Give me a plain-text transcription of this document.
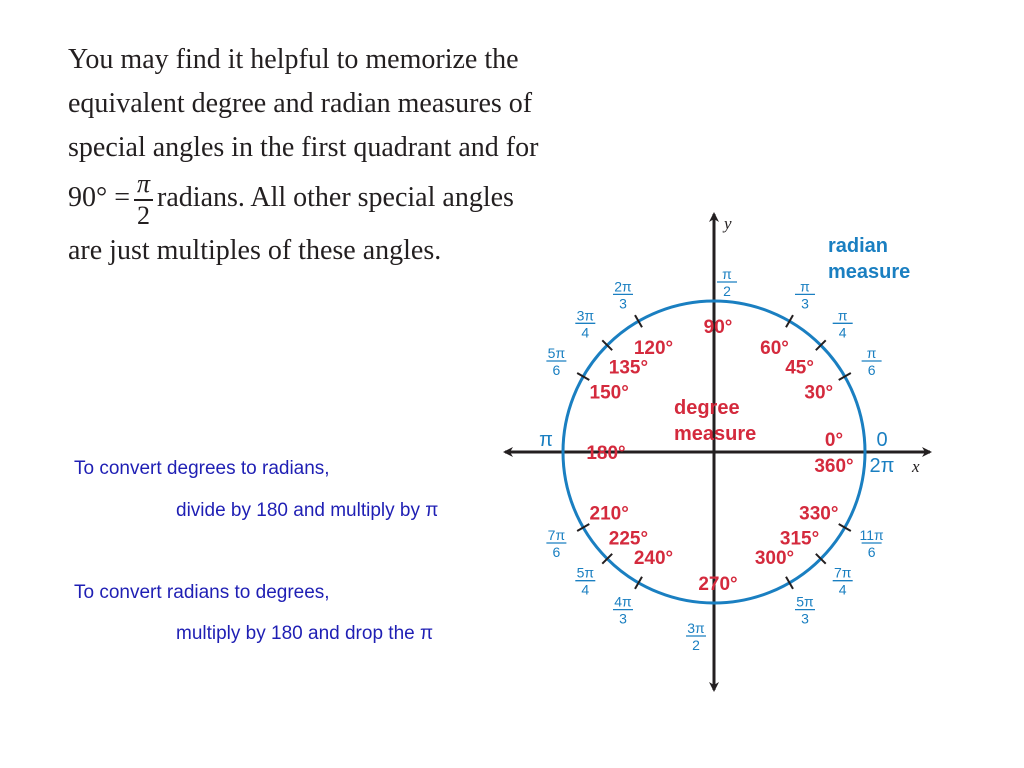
You may find it helpful to memorize the
equivalent degree and radian measures of
special angles in the first quadrant and for
$90^\circ = \frac{\pi}{2}$ radians. All other special angles
are just multiples of these angles.
To convert degrees to radians,
divide by 180 and multiply by π
To convert radians to degrees,
multiply by 180 and drop the π
30°
π
6
45°
π
4
60°
π
3
90°
π
2
120°
2π
3
135°
3π
4
150°
5π
6
180°
π
210°
7π
6
225°
5π
4
240°
4π
3
270°
3π
2
300°
5π
3
315°
7π
4
330°
11π
6
0°
360°
0
2π x
y
radian
measure
degree
measure
